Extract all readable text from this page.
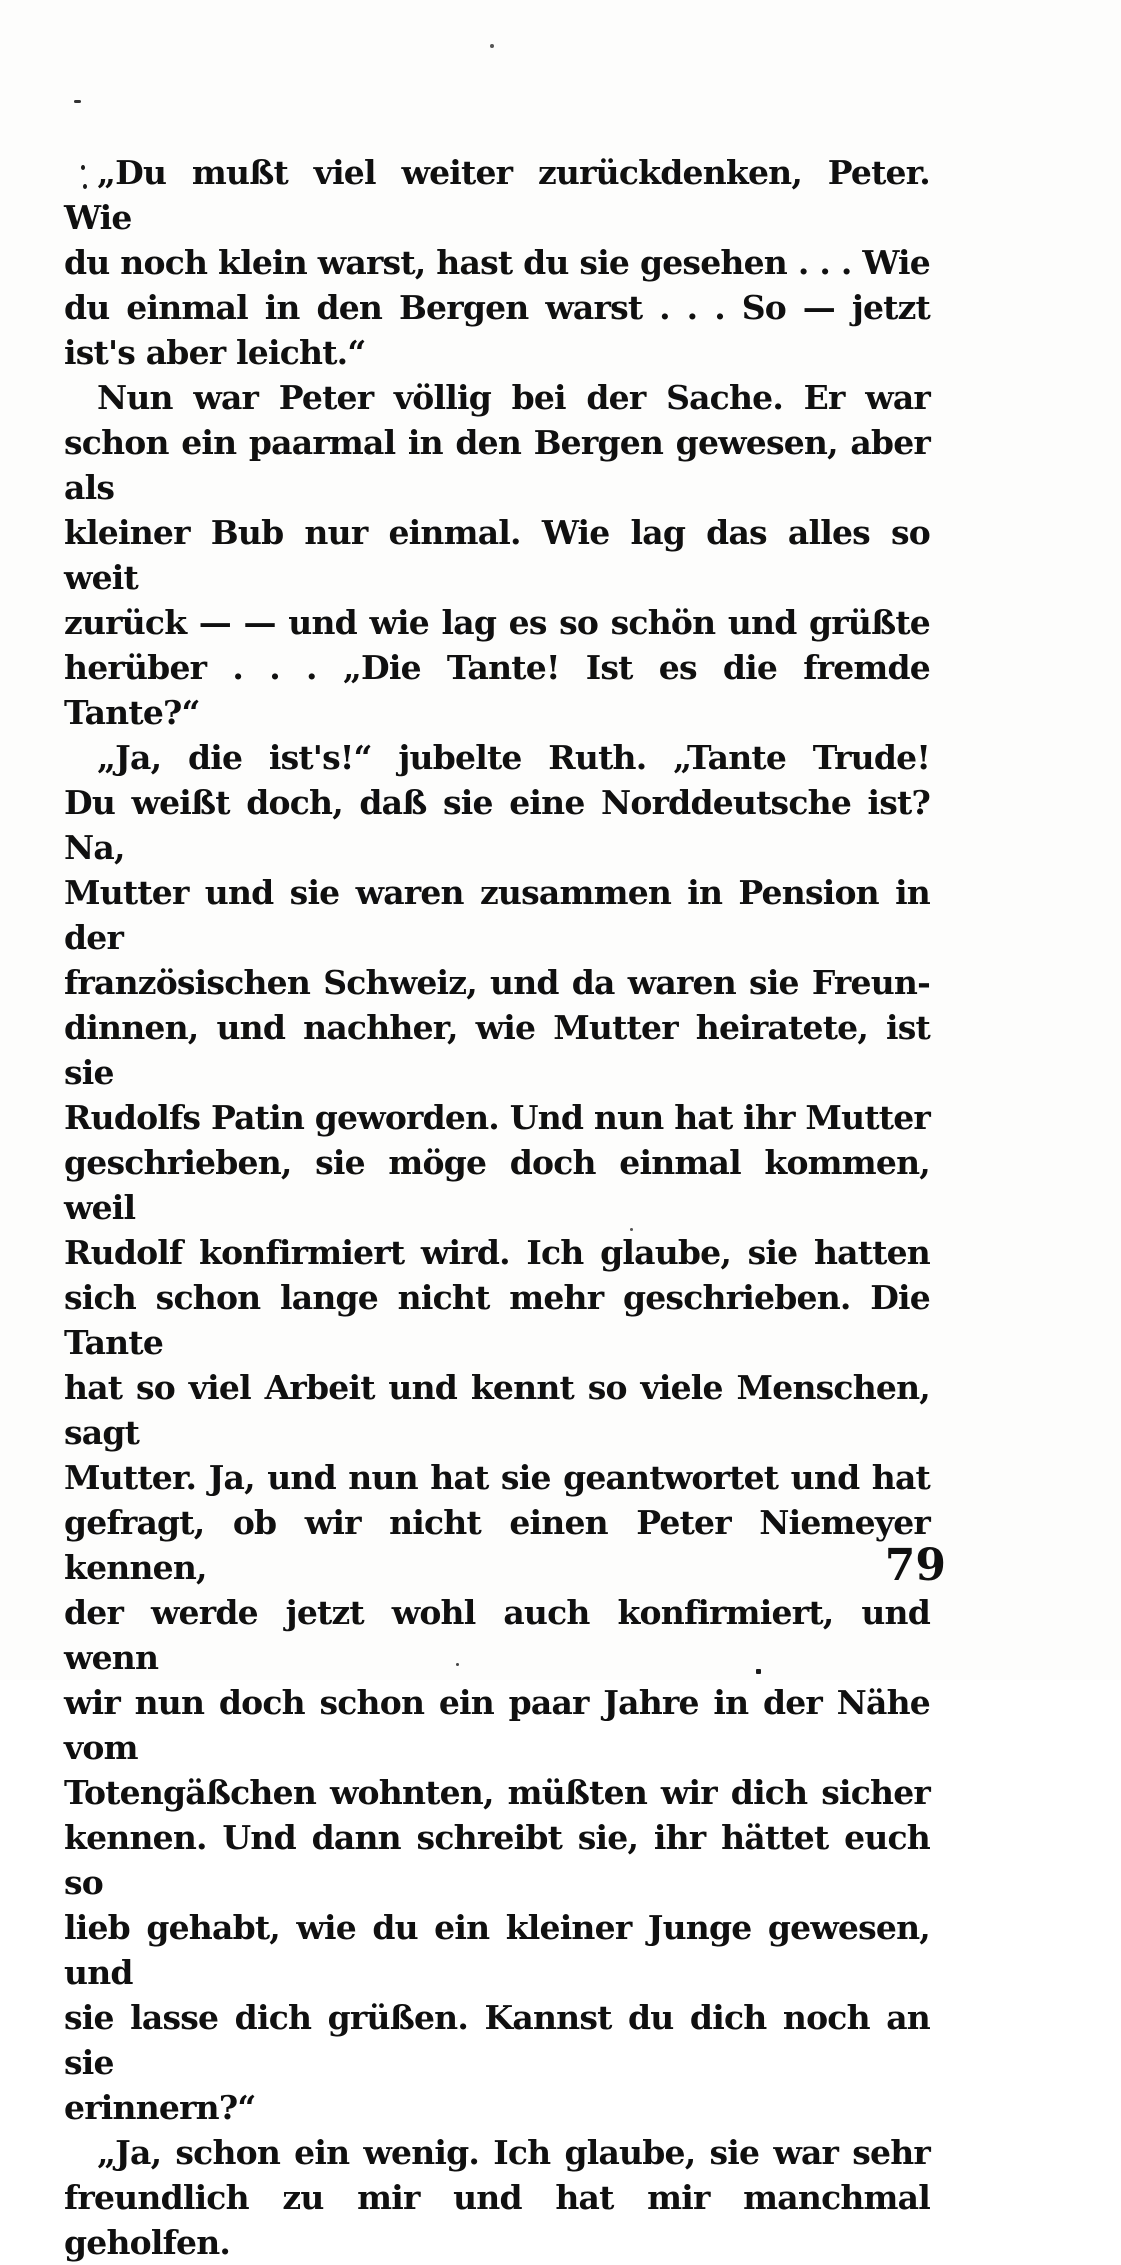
„Du mußt viel weiter zurückdenken, Peter. Wie
du noch klein warst, hast du sie gesehen . . . Wie
du einmal in den Bergen warst . . . So — jetzt
ist's aber leicht.“
Nun war Peter völlig bei der Sache. Er war
schon ein paarmal in den Bergen gewesen, aber als
kleiner Bub nur einmal. Wie lag das alles so weit
zurück — — und wie lag es so schön und grüßte
herüber . . . „Die Tante! Ist es die fremde Tante?“
„Ja, die ist's!“ jubelte Ruth. „Tante Trude!
Du weißt doch, daß sie eine Norddeutsche ist? Na,
Mutter und sie waren zusammen in Pension in der
französischen Schweiz, und da waren sie Freun-
dinnen, und nachher, wie Mutter heiratete, ist sie
Rudolfs Patin geworden. Und nun hat ihr Mutter
geschrieben, sie möge doch einmal kommen, weil
Rudolf konfirmiert wird. Ich glaube, sie hatten
sich schon lange nicht mehr geschrieben. Die Tante
hat so viel Arbeit und kennt so viele Menschen, sagt
Mutter. Ja, und nun hat sie geantwortet und hat
gefragt, ob wir nicht einen Peter Niemeyer kennen,
der werde jetzt wohl auch konfirmiert, und wenn
wir nun doch schon ein paar Jahre in der Nähe vom
Totengäßchen wohnten, müßten wir dich sicher
kennen. Und dann schreibt sie, ihr hättet euch so
lieb gehabt, wie du ein kleiner Junge gewesen, und
sie lasse dich grüßen. Kannst du dich noch an sie
erinnern?“
„Ja, schon ein wenig. Ich glaube, sie war sehr
freundlich zu mir und hat mir manchmal geholfen.
79
